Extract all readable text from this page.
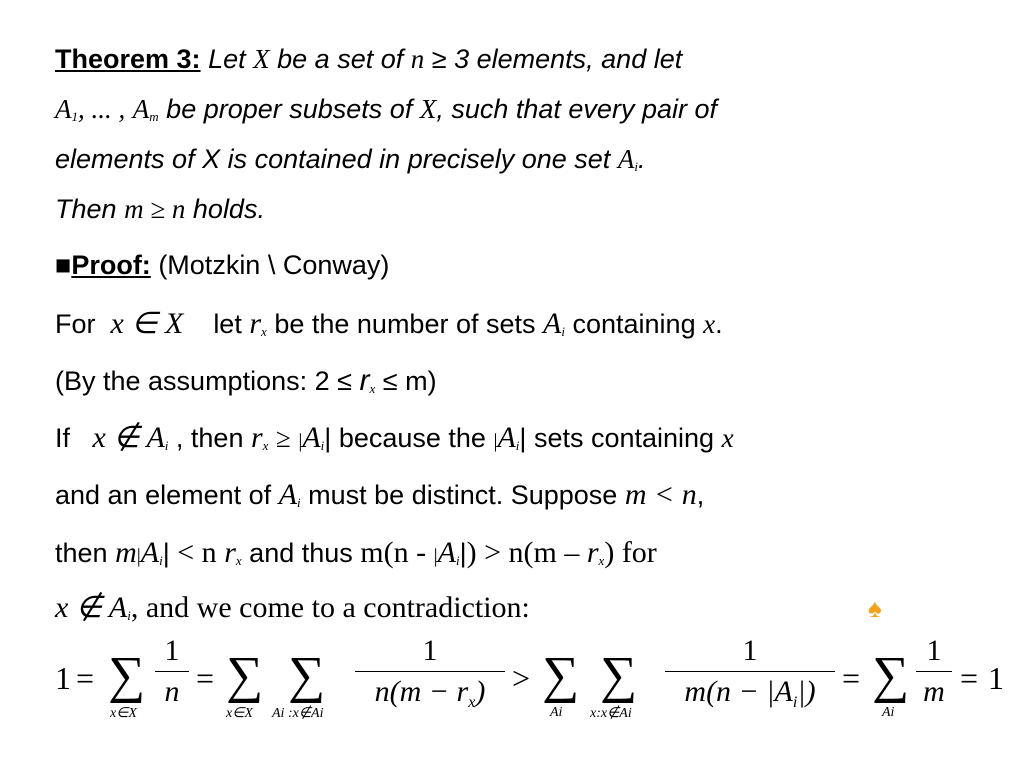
Theorem 3: Let X be a set of n ≥ 3 elements, and let
A1, ... , Am be proper subsets of X, such that every pair of
elements of X is contained in precisely one set Ai.
Then m ≥ n holds.
■Proof: (Motzkin \ Conway)
For x ∈ X let rx be the number of sets Ai containing x.
(By the assumptions: 2 ≤ rx ≤ m)
If x ∉ Ai , then rx ≥ |Ai| because the |Ai| sets containing x
and an element of Ai must be distinct. Suppose m < n,
then m|Ai| < n rx and thus m(n - |Ai|) > n(m – rx) for
x ∉ Ai, and we come to a contradiction:	♠
1 = ∑
x∈X
1
n = ∑
x∈X
∑
Ai :x∉Ai
1
$n(m - r_x)$ > ∑
Ai
∑
x:x∉Ai
1
$m(n - |A_i|)$ = ∑
Ai
1
m = 1
